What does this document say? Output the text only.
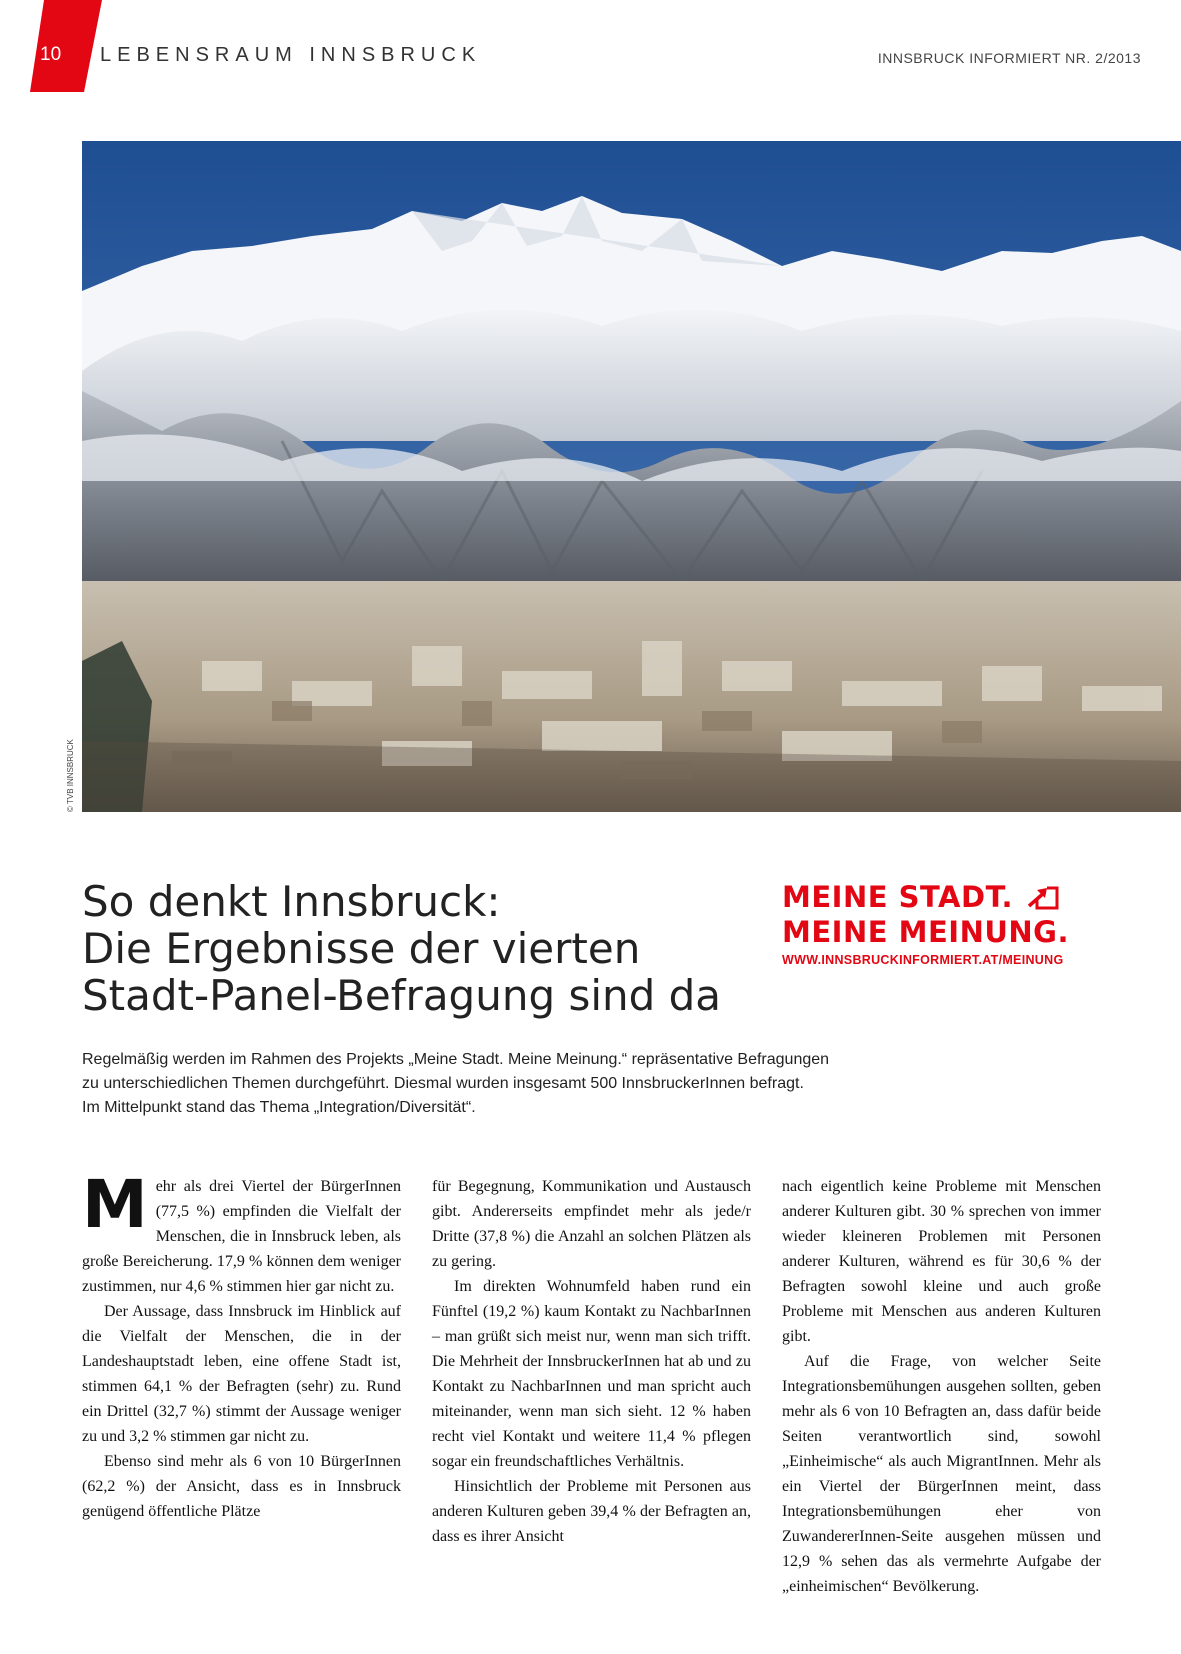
10	LEBENSRAUM INNSBRUCK	INNSBRUCK INFORMIERT NR. 2/2013
© TVB INNSBRUCK
So denkt Innsbruck:
Die Ergebnisse der vierten
Stadt-Panel-Befragung sind da
MEINE STADT.
MEINE MEINUNG.
WWW.INNSBRUCKINFORMIERT.AT/MEINUNG

Regelmäßig werden im Rahmen des Projekts „Meine Stadt. Meine Meinung.“ repräsentative Befragungen
zu unterschiedlichen Themen durchgeführt. Diesmal wurden insgesamt 500 InnsbruckerInnen befragt.
Im Mittelpunkt stand das Thema „Integration/Diversität“.

Mehr als drei Viertel der BürgerInnen (77,5 %) empfinden die Vielfalt der Menschen, die in Innsbruck leben, als große Bereicherung. 17,9 % können dem weniger zustimmen, nur 4,6 % stimmen hier gar nicht zu.

Der Aussage, dass Innsbruck im Hinblick auf die Vielfalt der Menschen, die in der Landeshauptstadt leben, eine offene Stadt ist, stimmen 64,1 % der Befragten (sehr) zu. Rund ein Drittel (32,7 %) stimmt der Aussage weniger zu und 3,2 % stimmen gar nicht zu.

Ebenso sind mehr als 6 von 10 BürgerInnen (62,2 %) der Ansicht, dass es in Innsbruck genügend öffentliche Plätze

für Begegnung, Kommunikation und Austausch gibt. Andererseits empfindet mehr als jede/r Dritte (37,8 %) die Anzahl an solchen Plätzen als zu gering.

Im direkten Wohnumfeld haben rund ein Fünftel (19,2 %) kaum Kontakt zu NachbarInnen – man grüßt sich meist nur, wenn man sich trifft. Die Mehrheit der InnsbruckerInnen hat ab und zu Kontakt zu NachbarInnen und man spricht auch miteinander, wenn man sich sieht. 12 % haben recht viel Kontakt und weitere 11,4 % pflegen sogar ein freundschaftliches Verhältnis.

Hinsichtlich der Probleme mit Personen aus anderen Kulturen geben 39,4 % der Befragten an, dass es ihrer Ansicht

nach eigentlich keine Probleme mit Menschen anderer Kulturen gibt. 30 % sprechen von immer wieder kleineren Problemen mit Personen anderer Kulturen, während es für 30,6 % der Befragten sowohl kleine und auch große Probleme mit Menschen aus anderen Kulturen gibt.

Auf die Frage, von welcher Seite Integrationsbemühungen ausgehen sollten, geben mehr als 6 von 10 Befragten an, dass dafür beide Seiten verantwortlich sind, sowohl „Einheimische“ als auch MigrantInnen. Mehr als ein Viertel der BürgerInnen meint, dass Integrationsbemühungen eher von ZuwandererInnen-Seite ausgehen müssen und 12,9 % sehen das als vermehrte Aufgabe der „einheimischen“ Bevölkerung.
